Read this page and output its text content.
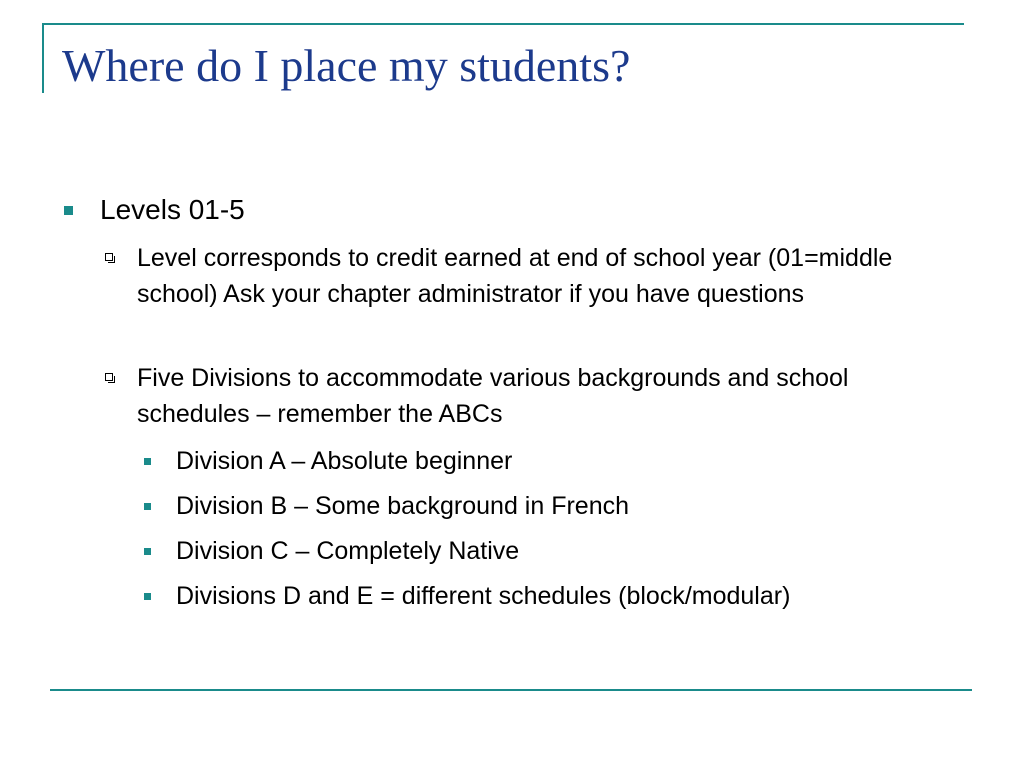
Where do I place my students?
Levels 01-5
Level corresponds to credit earned at end of school year (01=middle school) Ask your chapter administrator if you have questions
Five Divisions to accommodate various backgrounds and school schedules – remember the ABCs
Division A – Absolute beginner
Division B – Some background in French
Division C – Completely Native
Divisions D and E = different schedules (block/modular)
